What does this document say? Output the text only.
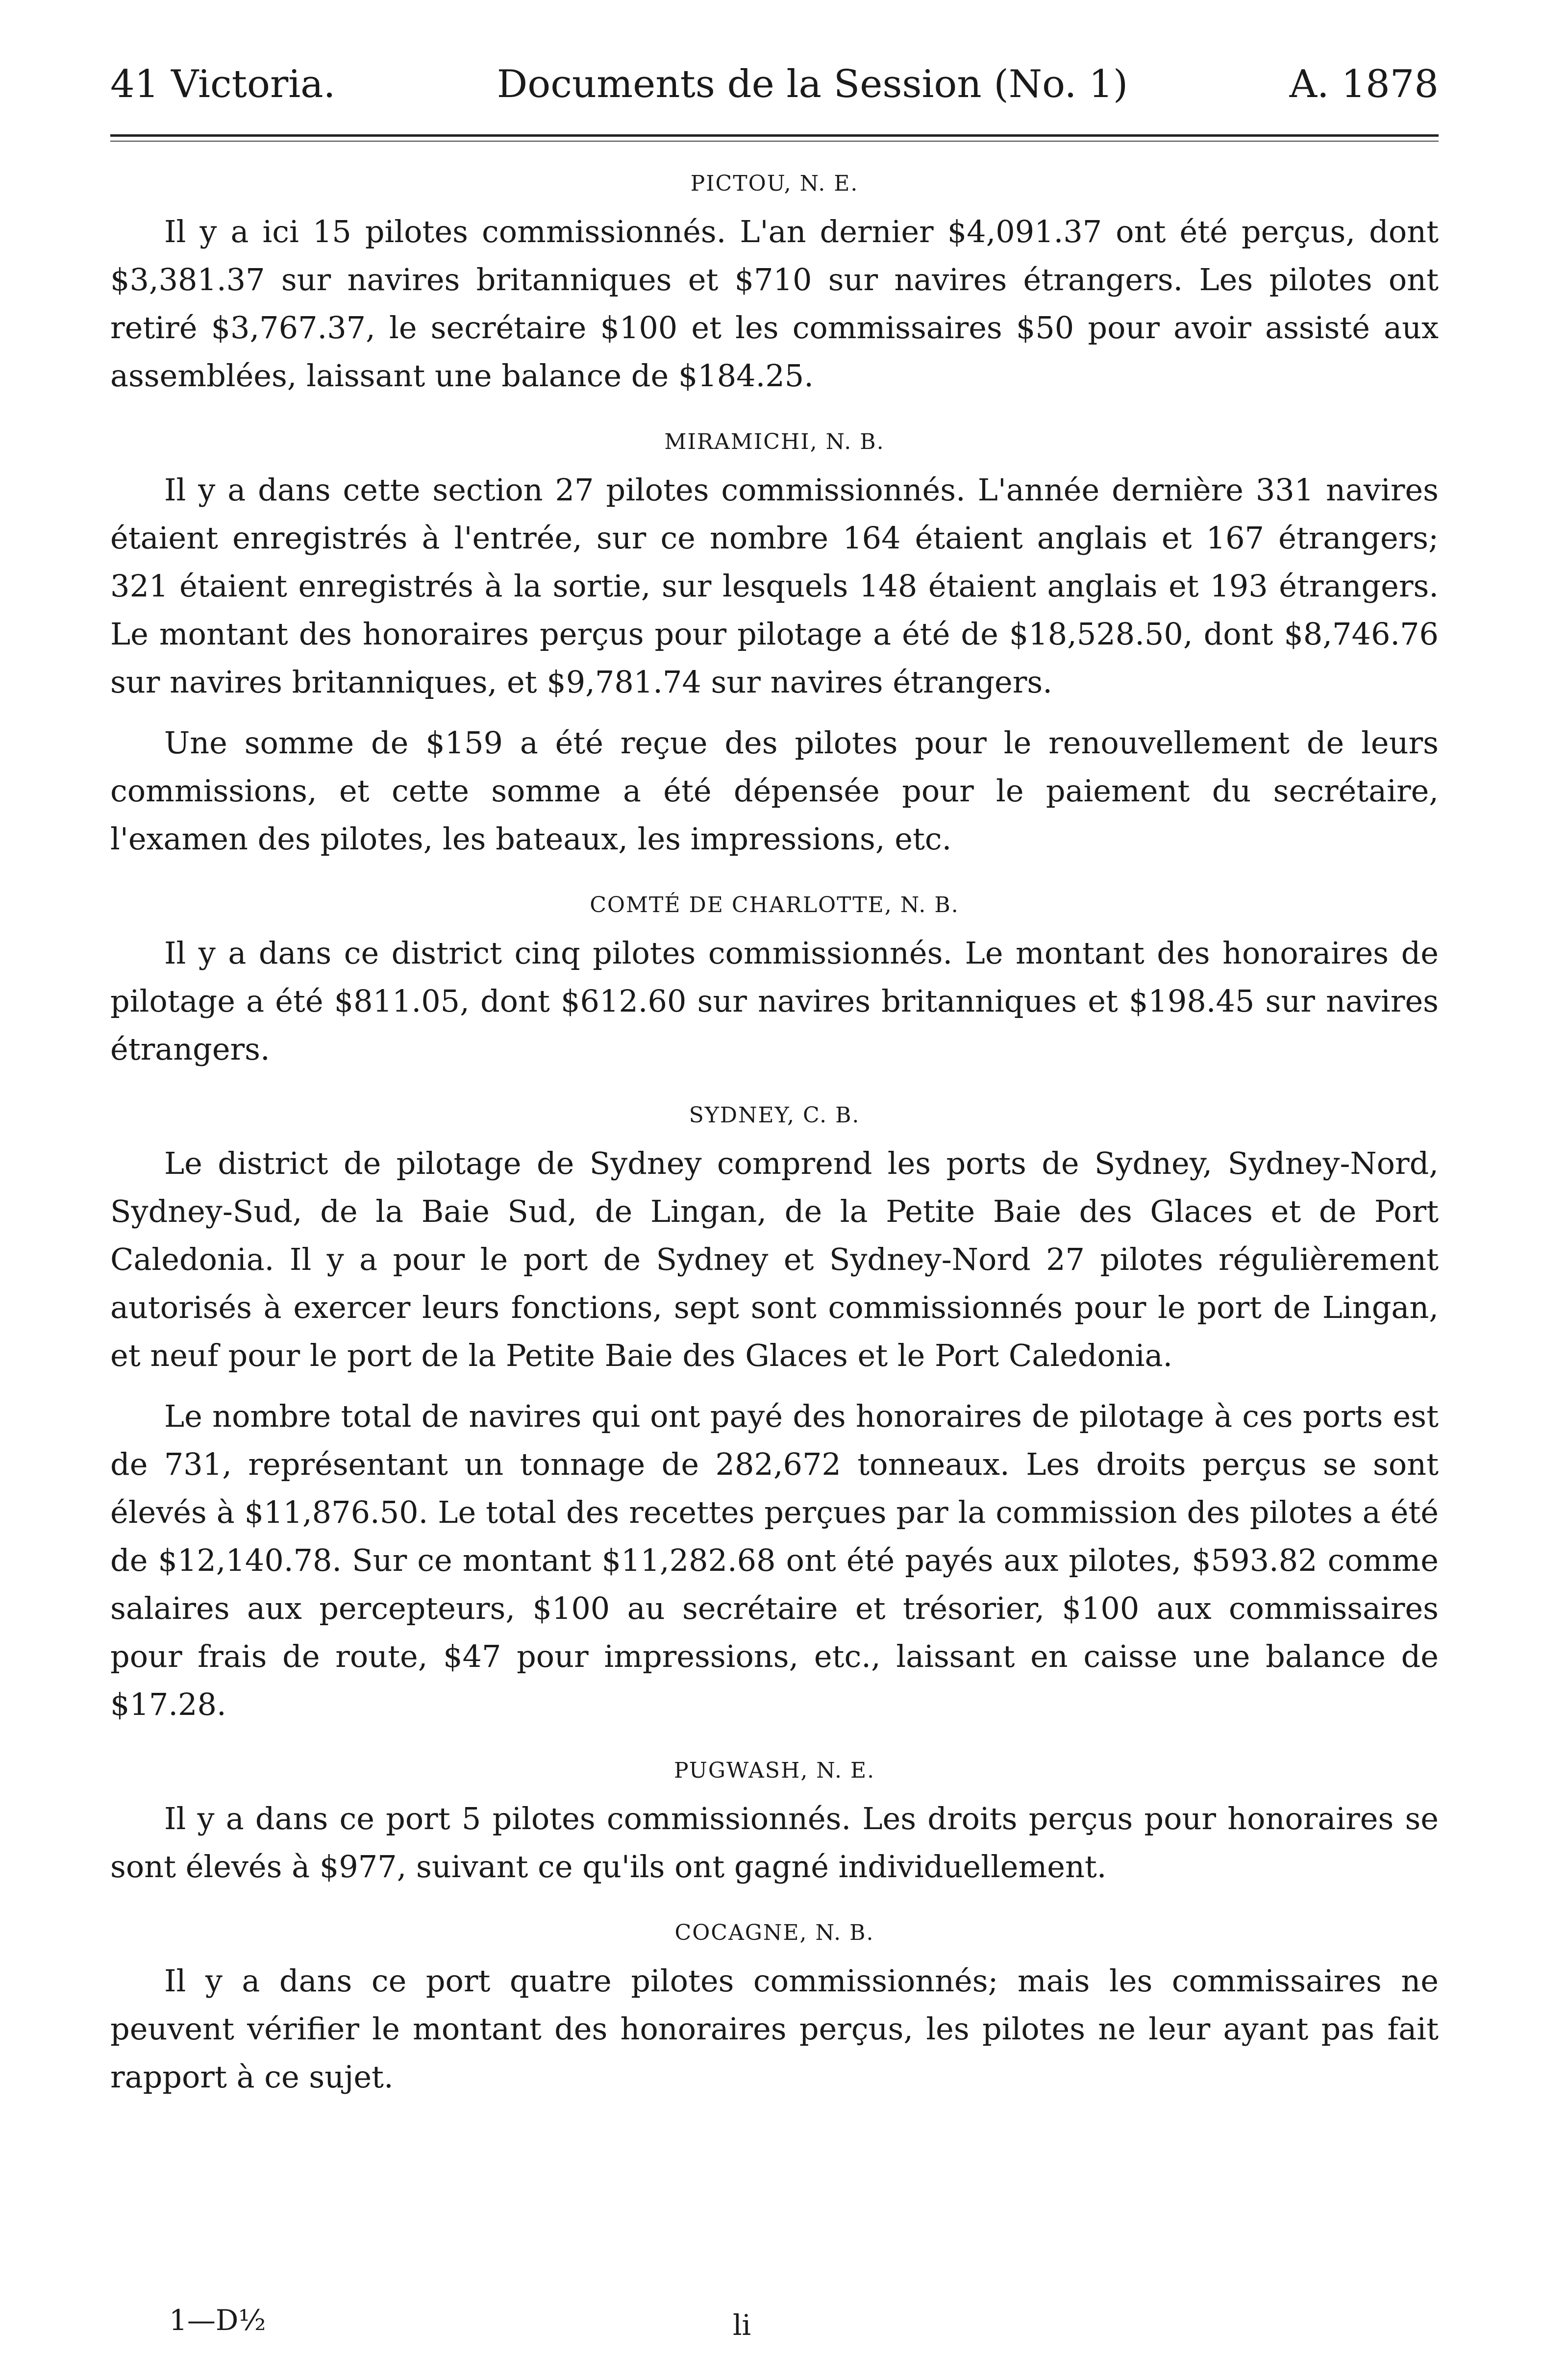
41 Victoria.	Documents de la Session (No. 1)	A. 1878
PICTOU, N. E.

Il y a ici 15 pilotes commissionnés. L'an dernier $4,091.37 ont été perçus, dont $3,381.37 sur navires britanniques et $710 sur navires étrangers. Les pilotes ont retiré $3,767.37, le secrétaire $100 et les commissaires $50 pour avoir assisté aux assemblées, laissant une balance de $184.25.

MIRAMICHI, N. B.

Il y a dans cette section 27 pilotes commissionnés. L'année dernière 331 navires étaient enregistrés à l'entrée, sur ce nombre 164 étaient anglais et 167 étrangers; 321 étaient enregistrés à la sortie, sur lesquels 148 étaient anglais et 193 étrangers. Le montant des honoraires perçus pour pilotage a été de $18,528.50, dont $8,746.76 sur navires britanniques, et $9,781.74 sur navires étrangers.

Une somme de $159 a été reçue des pilotes pour le renouvellement de leurs commissions, et cette somme a été dépensée pour le paiement du secrétaire, l'examen des pilotes, les bateaux, les impressions, etc.

COMTÉ DE CHARLOTTE, N. B.

Il y a dans ce district cinq pilotes commissionnés. Le montant des honoraires de pilotage a été $811.05, dont $612.60 sur navires britanniques et $198.45 sur navires étrangers.

SYDNEY, C. B.

Le district de pilotage de Sydney comprend les ports de Sydney, Sydney-Nord, Sydney-Sud, de la Baie Sud, de Lingan, de la Petite Baie des Glaces et de Port Caledonia. Il y a pour le port de Sydney et Sydney-Nord 27 pilotes régulièrement autorisés à exercer leurs fonctions, sept sont commissionnés pour le port de Lingan, et neuf pour le port de la Petite Baie des Glaces et le Port Caledonia.

Le nombre total de navires qui ont payé des honoraires de pilotage à ces ports est de 731, représentant un tonnage de 282,672 tonneaux. Les droits perçus se sont élevés à $11,876.50. Le total des recettes perçues par la commission des pilotes a été de $12,140.78. Sur ce montant $11,282.68 ont été payés aux pilotes, $593.82 comme salaires aux percepteurs, $100 au secrétaire et trésorier, $100 aux commissaires pour frais de route, $47 pour impressions, etc., laissant en caisse une balance de $17.28.

PUGWASH, N. E.

Il y a dans ce port 5 pilotes commissionnés. Les droits perçus pour honoraires se sont élevés à $977, suivant ce qu'ils ont gagné individuellement.

COCAGNE, N. B.

Il y a dans ce port quatre pilotes commissionnés; mais les commissaires ne peuvent vérifier le montant des honoraires perçus, les pilotes ne leur ayant pas fait rapport à ce sujet.

1—D½	li
